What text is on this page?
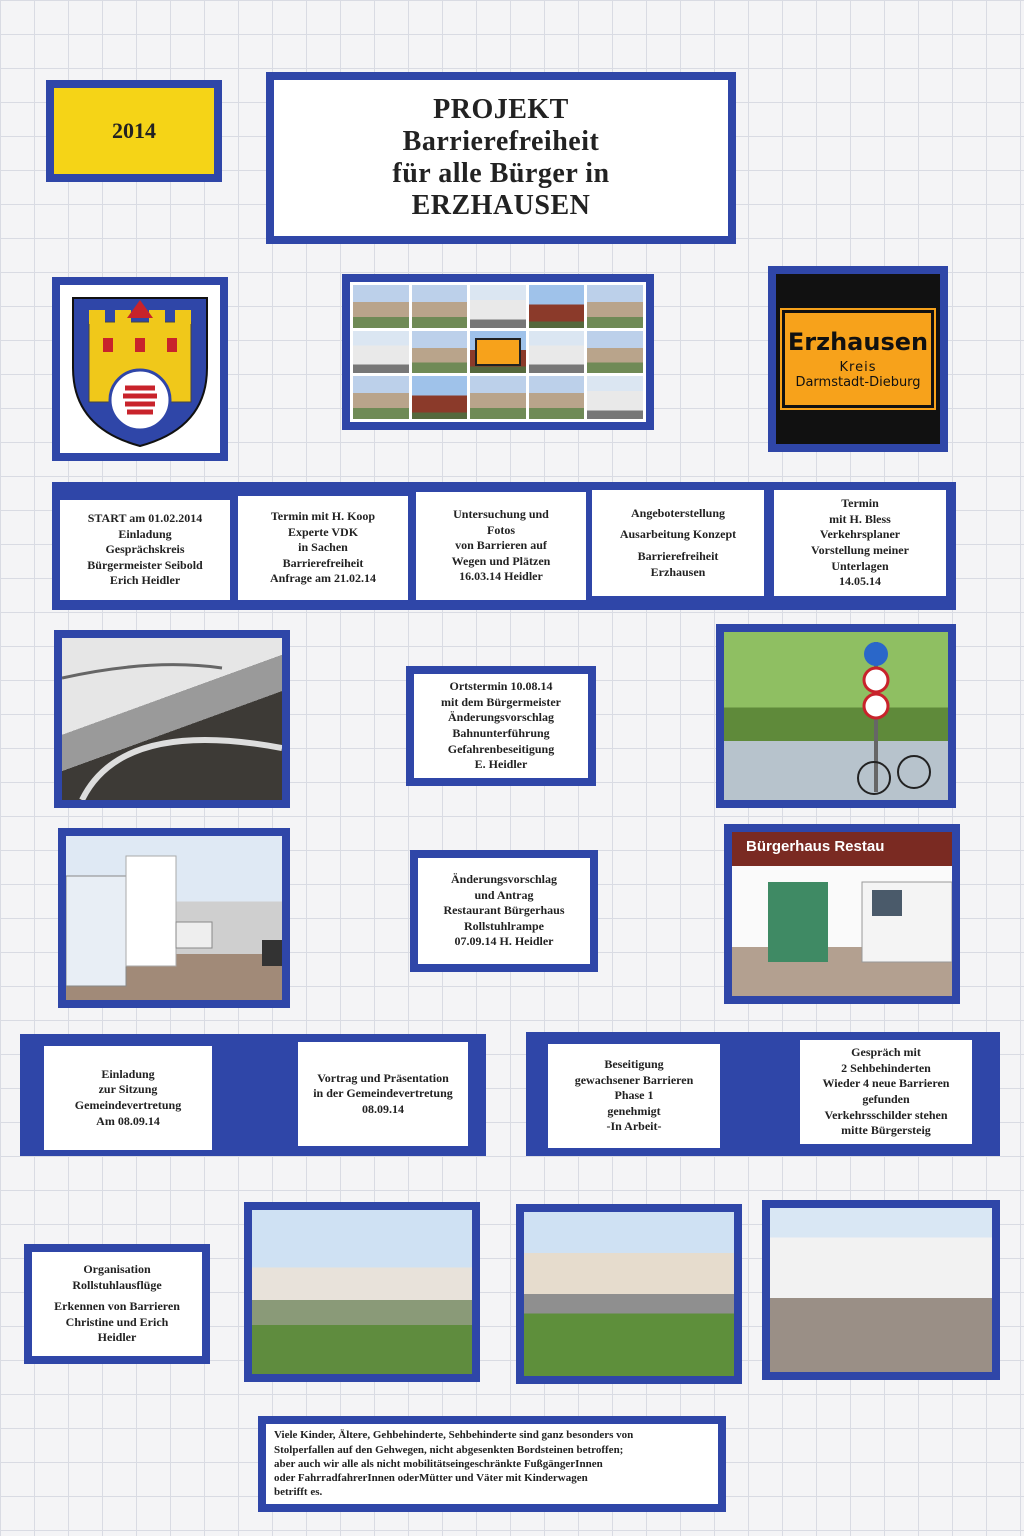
2014
PROJEKT
Barrierefreiheit
für alle Bürger in
ERZHAUSEN
Erzhausen
Kreis
Darmstadt-Dieburg
START am 01.02.2014
Einladung
Gesprächskreis
Bürgermeister Seibold
Erich Heidler
Termin mit H. Koop
Experte VDK
in Sachen
Barrierefreiheit
Anfrage am 21.02.14
Untersuchung und
Fotos
von Barrieren auf
Wegen und Plätzen
16.03.14 Heidler
Angeboterstellung
Ausarbeitung Konzept
Barrierefreiheit
Erzhausen
Termin
mit H. Bless
Verkehrsplaner
Vorstellung meiner
Unterlagen
14.05.14
Ortstermin 10.08.14
mit dem Bürgermeister
Änderungsvorschlag
Bahnunterführung
Gefahrenbeseitigung
E. Heidler
Änderungsvorschlag
und Antrag
Restaurant Bürgerhaus
Rollstuhlrampe
07.09.14 H. Heidler
Bürgerhaus Restau
Einladung
zur Sitzung
Gemeindevertretung
Am 08.09.14
Vortrag und Präsentation
in der Gemeindevertretung
08.09.14
Beseitigung
gewachsener Barrieren
Phase 1
genehmigt
-In Arbeit-
Gespräch mit
2 Sehbehinderten
Wieder 4 neue Barrieren
gefunden
Verkehrsschilder stehen
mitte Bürgersteig
Organisation
Rollstuhlausflüge
Erkennen von Barrieren
Christine und Erich
Heidler
Viele Kinder, Ältere, Gehbehinderte, Sehbehinderte sind ganz besonders von
Stolperfallen auf den Gehwegen, nicht abgesenkten Bordsteinen betroffen;
aber auch wir alle als nicht mobilitätseingeschränkte FußgängerInnen
oder FahrradfahrerInnen oderMütter und Väter mit Kinderwagen
betrifft es.
